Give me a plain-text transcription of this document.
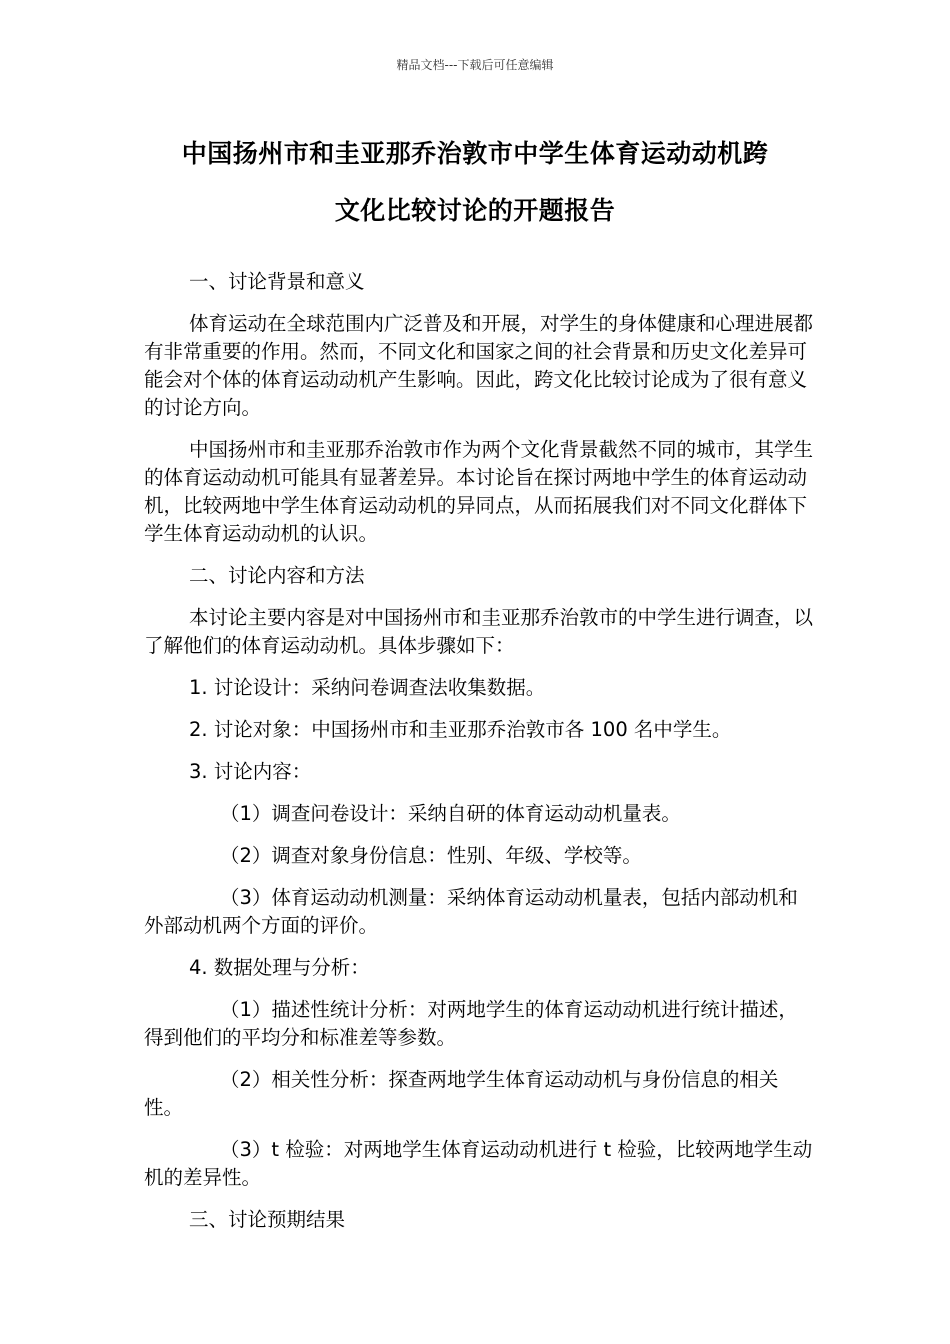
精品文档---下载后可任意编辑
中国扬州市和圭亚那乔治敦市中学生体育运动动机跨
文化比较讨论的开题报告

一、讨论背景和意义

体育运动在全球范围内广泛普及和开展，对学生的身体健康和心理进展都有非常重要的作用。然而，不同文化和国家之间的社会背景和历史文化差异可能会对个体的体育运动动机产生影响。因此，跨文化比较讨论成为了很有意义的讨论方向。

中国扬州市和圭亚那乔治敦市作为两个文化背景截然不同的城市，其学生的体育运动动机可能具有显著差异。本讨论旨在探讨两地中学生的体育运动动机，比较两地中学生体育运动动机的异同点，从而拓展我们对不同文化群体下学生体育运动动机的认识。

二、讨论内容和方法

本讨论主要内容是对中国扬州市和圭亚那乔治敦市的中学生进行调查，以了解他们的体育运动动机。具体步骤如下：

1. 讨论设计：采纳问卷调查法收集数据。

2. 讨论对象：中国扬州市和圭亚那乔治敦市各 100 名中学生。

3. 讨论内容：

（1）调查问卷设计：采纳自研的体育运动动机量表。

（2）调查对象身份信息：性别、年级、学校等。

（3）体育运动动机测量：采纳体育运动动机量表，包括内部动机和外部动机两个方面的评价。

4. 数据处理与分析：

（1）描述性统计分析：对两地学生的体育运动动机进行统计描述，得到他们的平均分和标准差等参数。

（2）相关性分析：探查两地学生体育运动动机与身份信息的相关性。

（3）t 检验：对两地学生体育运动动机进行 t 检验，比较两地学生动机的差异性。

三、讨论预期结果
